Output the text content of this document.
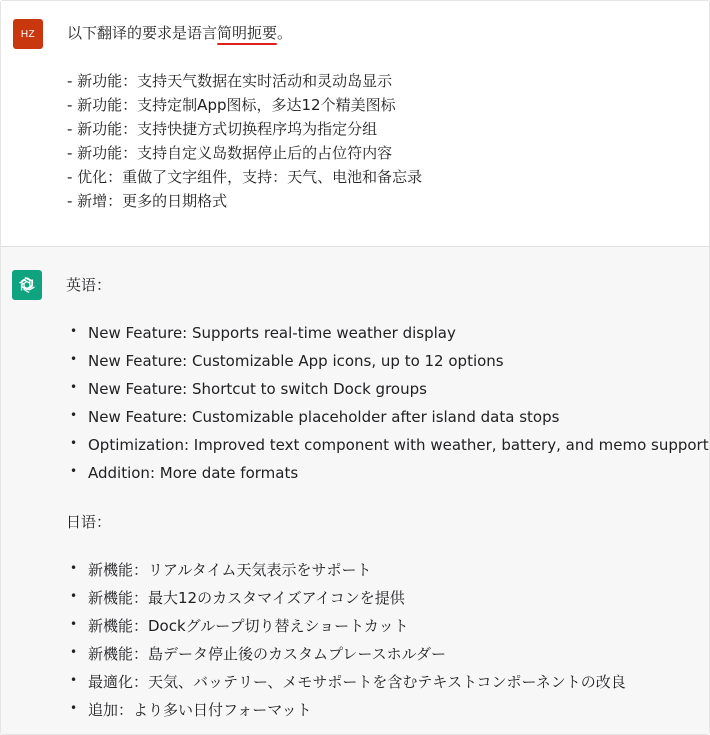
HZ 以下翻译的要求是语言简明扼要。
- 新功能：支持天气数据在实时活动和灵动岛显示
- 新功能：支持定制App图标，多达12个精美图标
- 新功能：支持快捷方式切换程序坞为指定分组
- 新功能：支持自定义岛数据停止后的占位符内容
- 优化：重做了文字组件，支持：天气、电池和备忘录
- 新增：更多的日期格式

英语：

• New Feature: Supports real-time weather display
• New Feature: Customizable App icons, up to 12 options
• New Feature: Shortcut to switch Dock groups
• New Feature: Customizable placeholder after island data stops
• Optimization: Improved text component with weather, battery, and memo support
• Addition: More date formats

日语：

• 新機能：リアルタイム天気表示をサポート
• 新機能：最大12のカスタマイズアイコンを提供
• 新機能：Dockグループ切り替えショートカット
• 新機能：島データ停止後のカスタムプレースホルダー
• 最適化：天気、バッテリー、メモサポートを含むテキストコンポーネントの改良
• 追加：より多い日付フォーマット
